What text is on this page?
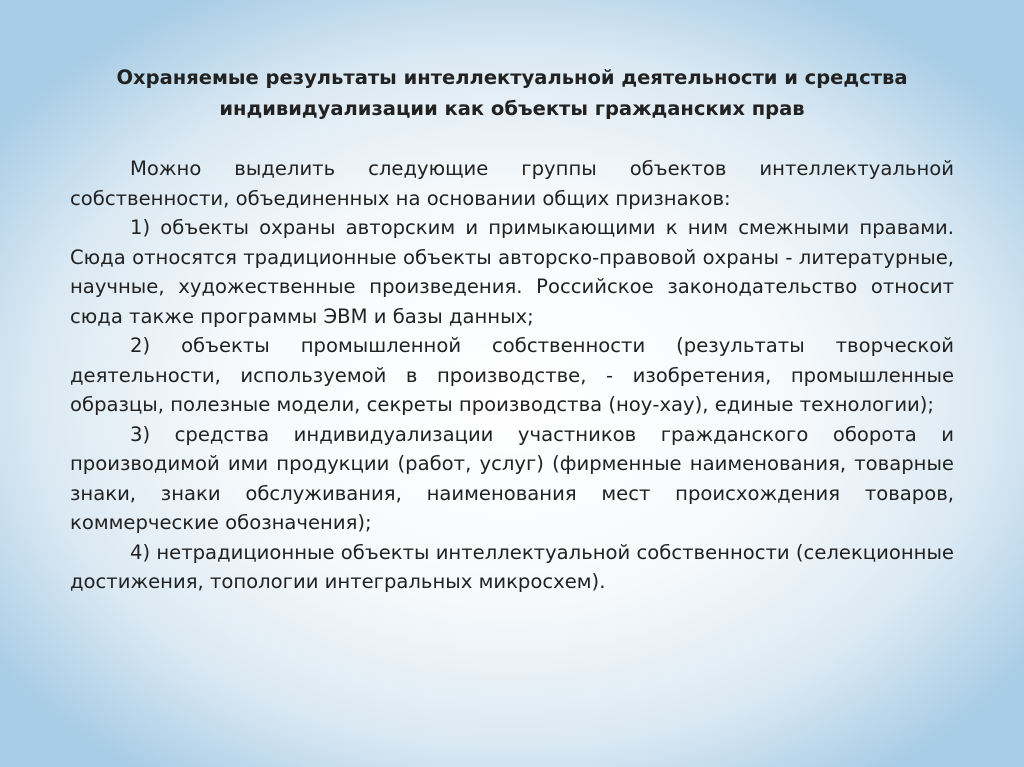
Охраняемые результаты интеллектуальной деятельности и средства индивидуализации как объекты гражданских прав

Можно выделить следующие группы объектов интеллектуальной собственности, объединенных на основании общих признаков:

1) объекты охраны авторским и примыкающими к ним смежными правами. Сюда относятся традиционные объекты авторско-правовой охраны - литературные, научные, художественные произведения. Российское законодательство относит сюда также программы ЭВМ и базы данных;

2) объекты промышленной собственности (результаты творческой деятельности, используемой в производстве, - изобретения, промышленные образцы, полезные модели, секреты производства (ноу-хау), единые технологии);

3) средства индивидуализации участников гражданского оборота и производимой ими продукции (работ, услуг) (фирменные наименования, товарные знаки, знаки обслуживания, наименования мест происхождения товаров, коммерческие обозначения);

4) нетрадиционные объекты интеллектуальной собственности (селекционные достижения, топологии интегральных микросхем).
